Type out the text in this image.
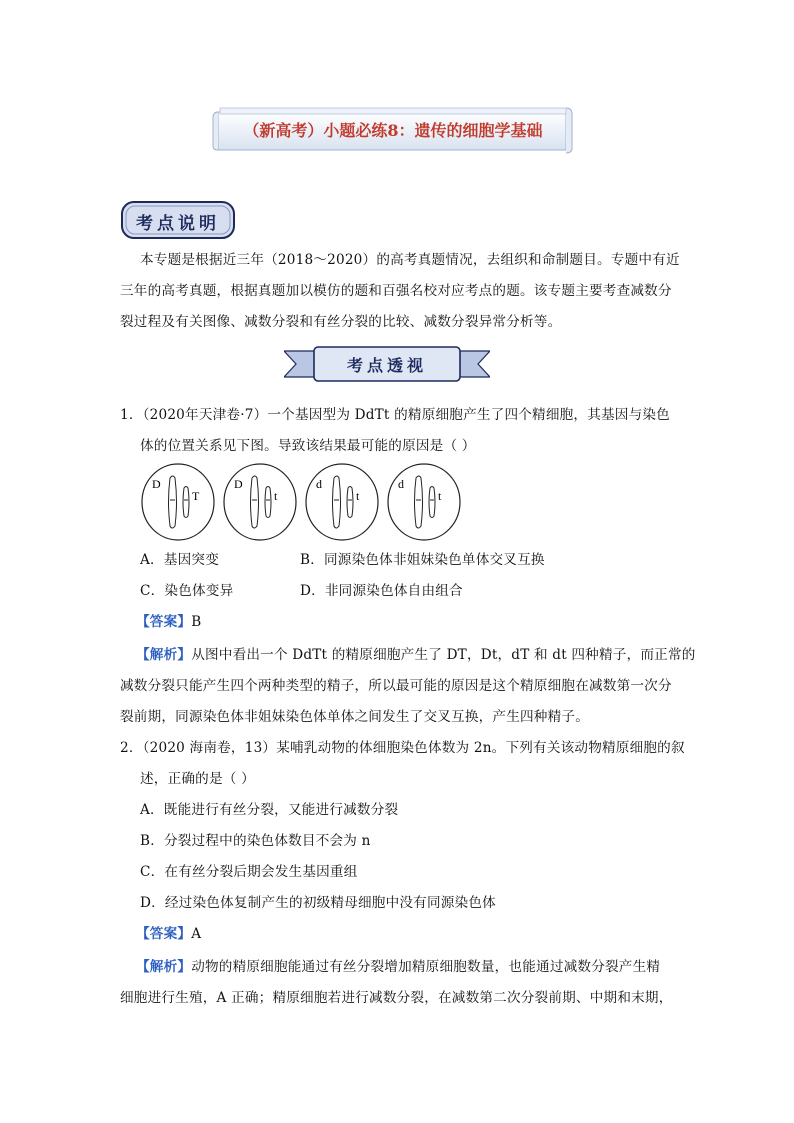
（新高考）小题必练8：遗传的细胞学基础
考点说明
本专题是根据近三年（2018～2020）的高考真题情况，去组织和命制题目。专题中有近
三年的高考真题，根据真题加以模仿的题和百强名校对应考点的题。该专题主要考查减数分
裂过程及有关图像、减数分裂和有丝分裂的比较、减数分裂异常分析等。
考点透视
1．（2020年天津卷·7）一个基因型为 DdTt 的精原细胞产生了四个精细胞，其基因与染色
体的位置关系见下图。导致该结果最可能的原因是（ ）
D
T
D
t
d
t
d
t
A．基因突变	B．同源染色体非姐妹染色单体交叉互换
C．染色体变异	D．非同源染色体自由组合
【答案】B
【解析】从图中看出一个 DdTt 的精原细胞产生了 DT，Dt，dT 和 dt 四种精子，而正常的
减数分裂只能产生四个两种类型的精子，所以最可能的原因是这个精原细胞在减数第一次分
裂前期，同源染色体非姐妹染色体单体之间发生了交叉互换，产生四种精子。
2．（2020 海南卷，13）某哺乳动物的体细胞染色体数为 2n。下列有关该动物精原细胞的叙
述，正确的是（ ）
A．既能进行有丝分裂，又能进行减数分裂
B．分裂过程中的染色体数目不会为 n
C．在有丝分裂后期会发生基因重组
D．经过染色体复制产生的初级精母细胞中没有同源染色体
【答案】A
【解析】动物的精原细胞能通过有丝分裂增加精原细胞数量，也能通过减数分裂产生精
细胞进行生殖，A 正确；精原细胞若进行减数分裂，在减数第二次分裂前期、中期和末期，
